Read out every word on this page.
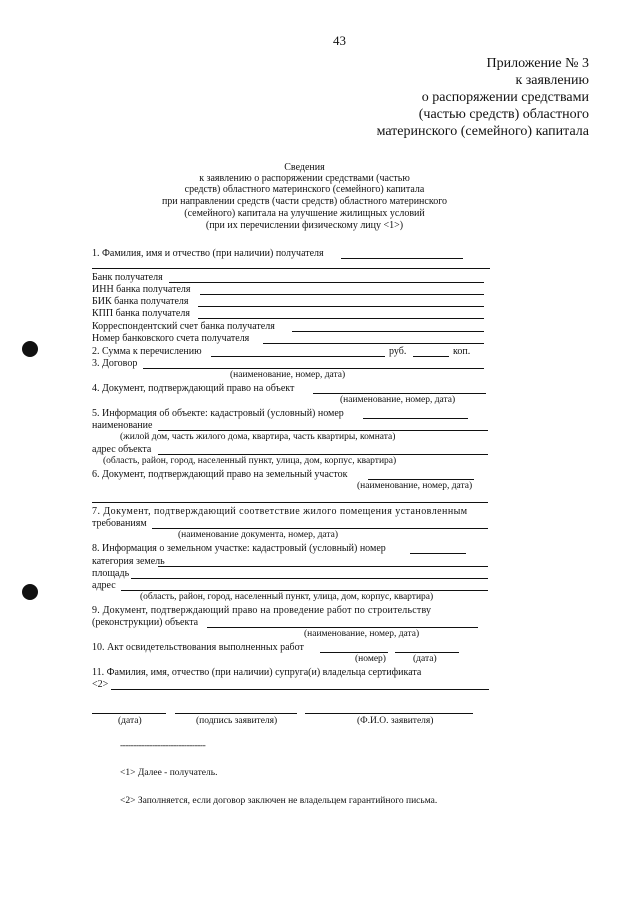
43
Приложение № 3
к заявлению
о распоряжении средствами
(частью средств) областного
материнского (семейного) капитала
Сведения
к заявлению о распоряжении средствами (частью
средств) областного материнского (семейного) капитала
при направлении средств (части средств) областного материнского
(семейного) капитала на улучшение жилищных условий
(при их перечислении физическому лицу <1>)
1. Фамилия, имя и отчество (при наличии) получателя
Банк получателя
ИНН банка получателя
БИК банка получателя
КПП банка получателя
Корреспондентский счет банка получателя
Номер банковского счета получателя
2. Сумма к перечислению	руб.	коп.
3. Договор
(наименование, номер, дата)
4. Документ, подтверждающий право на объект
(наименование, номер, дата)
5. Информация об объекте: кадастровый (условный) номер
наименование
(жилой дом, часть жилого дома, квартира, часть квартиры, комната)
адрес объекта
(область, район, город, населенный пункт, улица, дом, корпус, квартира)
6. Документ, подтверждающий право на земельный участок
(наименование, номер, дата)
7. Документ, подтверждающий соответствие жилого помещения установленным
требованиям
(наименование документа, номер, дата)
8. Информация о земельном участке: кадастровый (условный) номер
категория земель
площадь
адрес
(область, район, город, населенный пункт, улица, дом, корпус, квартира)
9. Документ, подтверждающий право на проведение работ по строительству
(реконструкции) объекта
(наименование, номер, дата)
10. Акт освидетельствования выполненных работ
(номер)	(дата)
11. Фамилия, имя, отчество (при наличии) супруга(и) владельца сертификата
<2>
(дата)	(подпись заявителя)	(Ф.И.О. заявителя)
--------------------------------
<1> Далее - получатель.
<2> Заполняется, если договор заключен не владельцем гарантийного письма.
